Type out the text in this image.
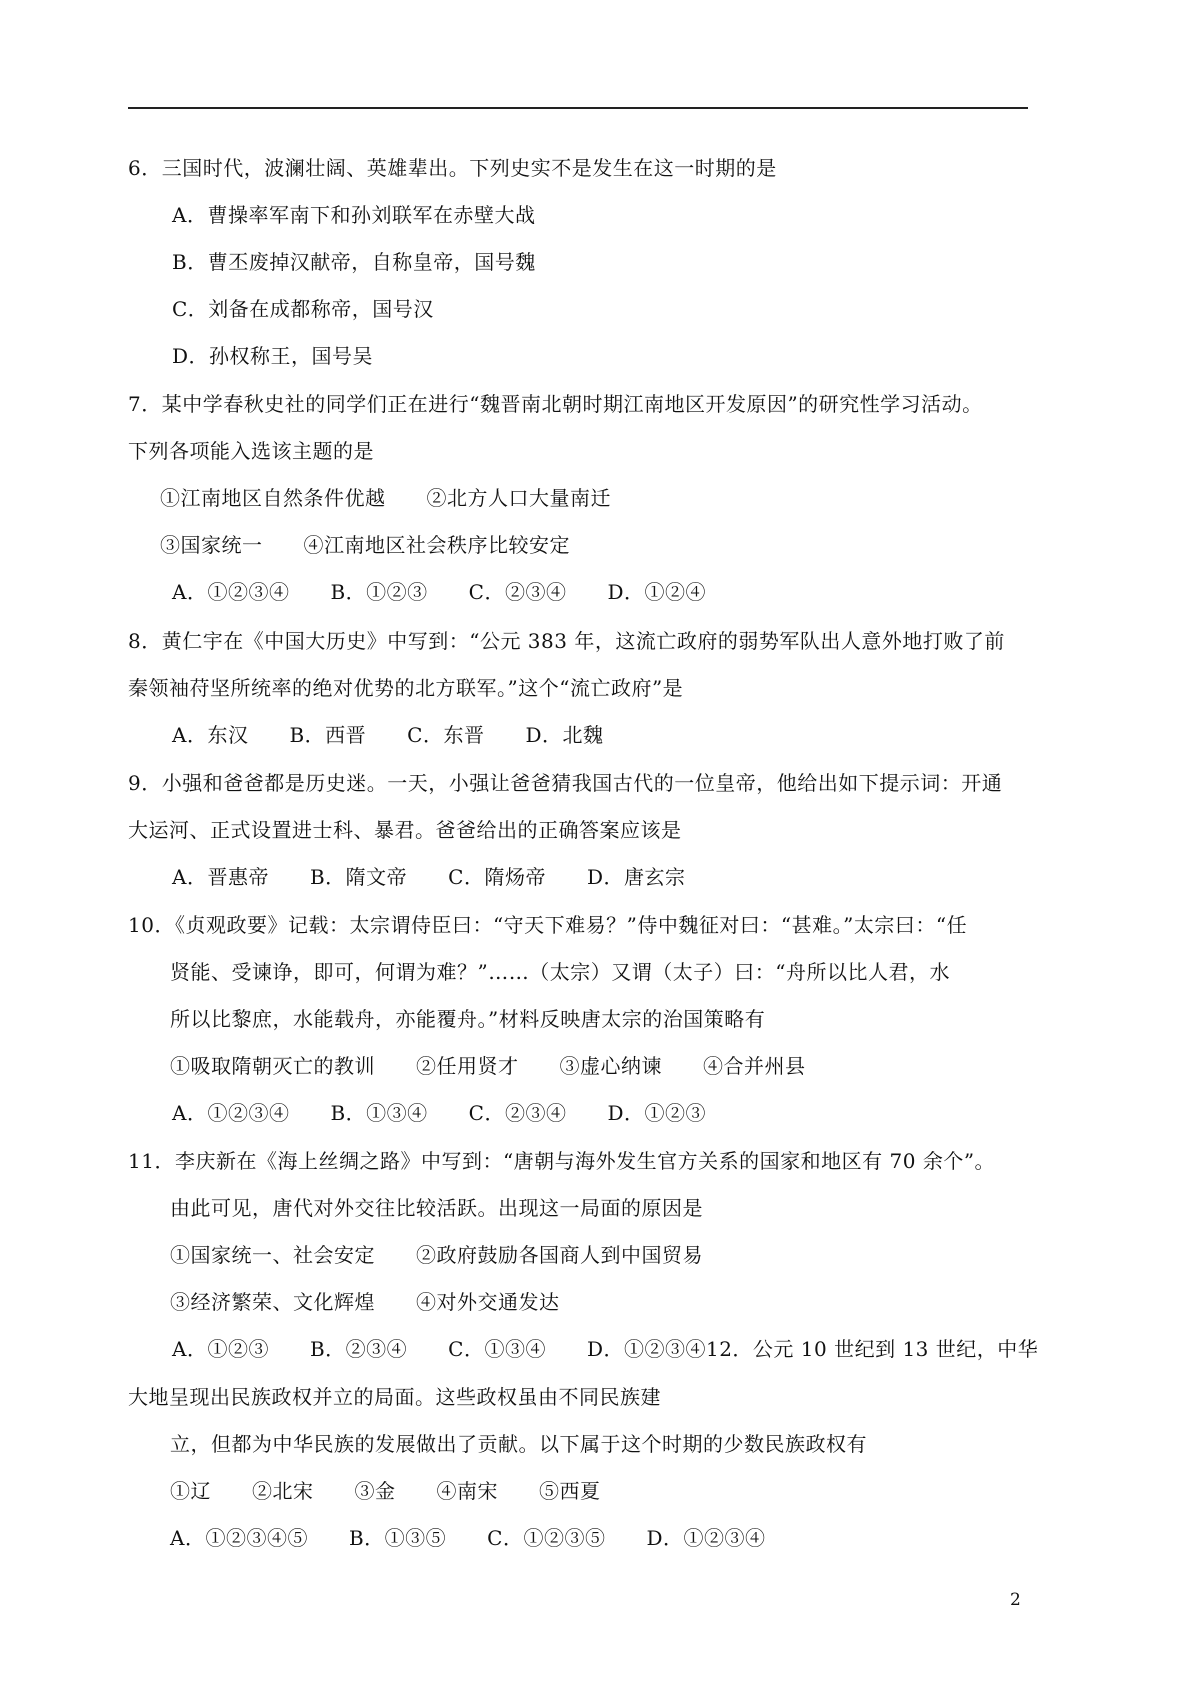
6．三国时代，波澜壮阔、英雄辈出。下列史实不是发生在这一时期的是
A．曹操率军南下和孙刘联军在赤壁大战
B．曹丕废掉汉献帝，自称皇帝，国号魏
C．刘备在成都称帝，国号汉
D．孙权称王，国号吴
7．某中学春秋史社的同学们正在进行“魏晋南北朝时期江南地区开发原因”的研究性学习活动。
下列各项能入选该主题的是
①江南地区自然条件优越　　②北方人口大量南迁
③国家统一　　④江南地区社会秩序比较安定
A．①②③④　　B．①②③　　C．②③④　　D．①②④
8．黄仁宇在《中国大历史》中写到：“公元 383 年，这流亡政府的弱势军队出人意外地打败了前
秦领袖苻坚所统率的绝对优势的北方联军。”这个“流亡政府”是
A．东汉　　B．西晋　　C．东晋　　D．北魏
9．小强和爸爸都是历史迷。一天，小强让爸爸猜我国古代的一位皇帝，他给出如下提示词：开通
大运河、正式设置进士科、暴君。爸爸给出的正确答案应该是
A．晋惠帝　　B．隋文帝　　C．隋炀帝　　D．唐玄宗
10．《贞观政要》记载：太宗谓侍臣曰：“守天下难易？”侍中魏征对曰：“甚难。”太宗曰：“任
贤能、受谏诤，即可，何谓为难？”……（太宗）又谓（太子）曰：“舟所以比人君，水
所以比黎庶，水能载舟，亦能覆舟。”材料反映唐太宗的治国策略有
①吸取隋朝灭亡的教训　　②任用贤才　　③虚心纳谏　　④合并州县
A．①②③④　　B．①③④　　C．②③④　　D．①②③
11．李庆新在《海上丝绸之路》中写到：“唐朝与海外发生官方关系的国家和地区有 70 余个”。
由此可见，唐代对外交往比较活跃。出现这一局面的原因是
①国家统一、社会安定　　②政府鼓励各国商人到中国贸易
③经济繁荣、文化辉煌　　④对外交通发达
A．①②③　　B．②③④　　C．①③④　　D．①②③④12．公元 10 世纪到 13 世纪，中华
大地呈现出民族政权并立的局面。这些政权虽由不同民族建
立，但都为中华民族的发展做出了贡献。以下属于这个时期的少数民族政权有
①辽　　②北宋　　③金　　④南宋　　⑤西夏
A．①②③④⑤　　B．①③⑤　　C．①②③⑤　　D．①②③④
2
